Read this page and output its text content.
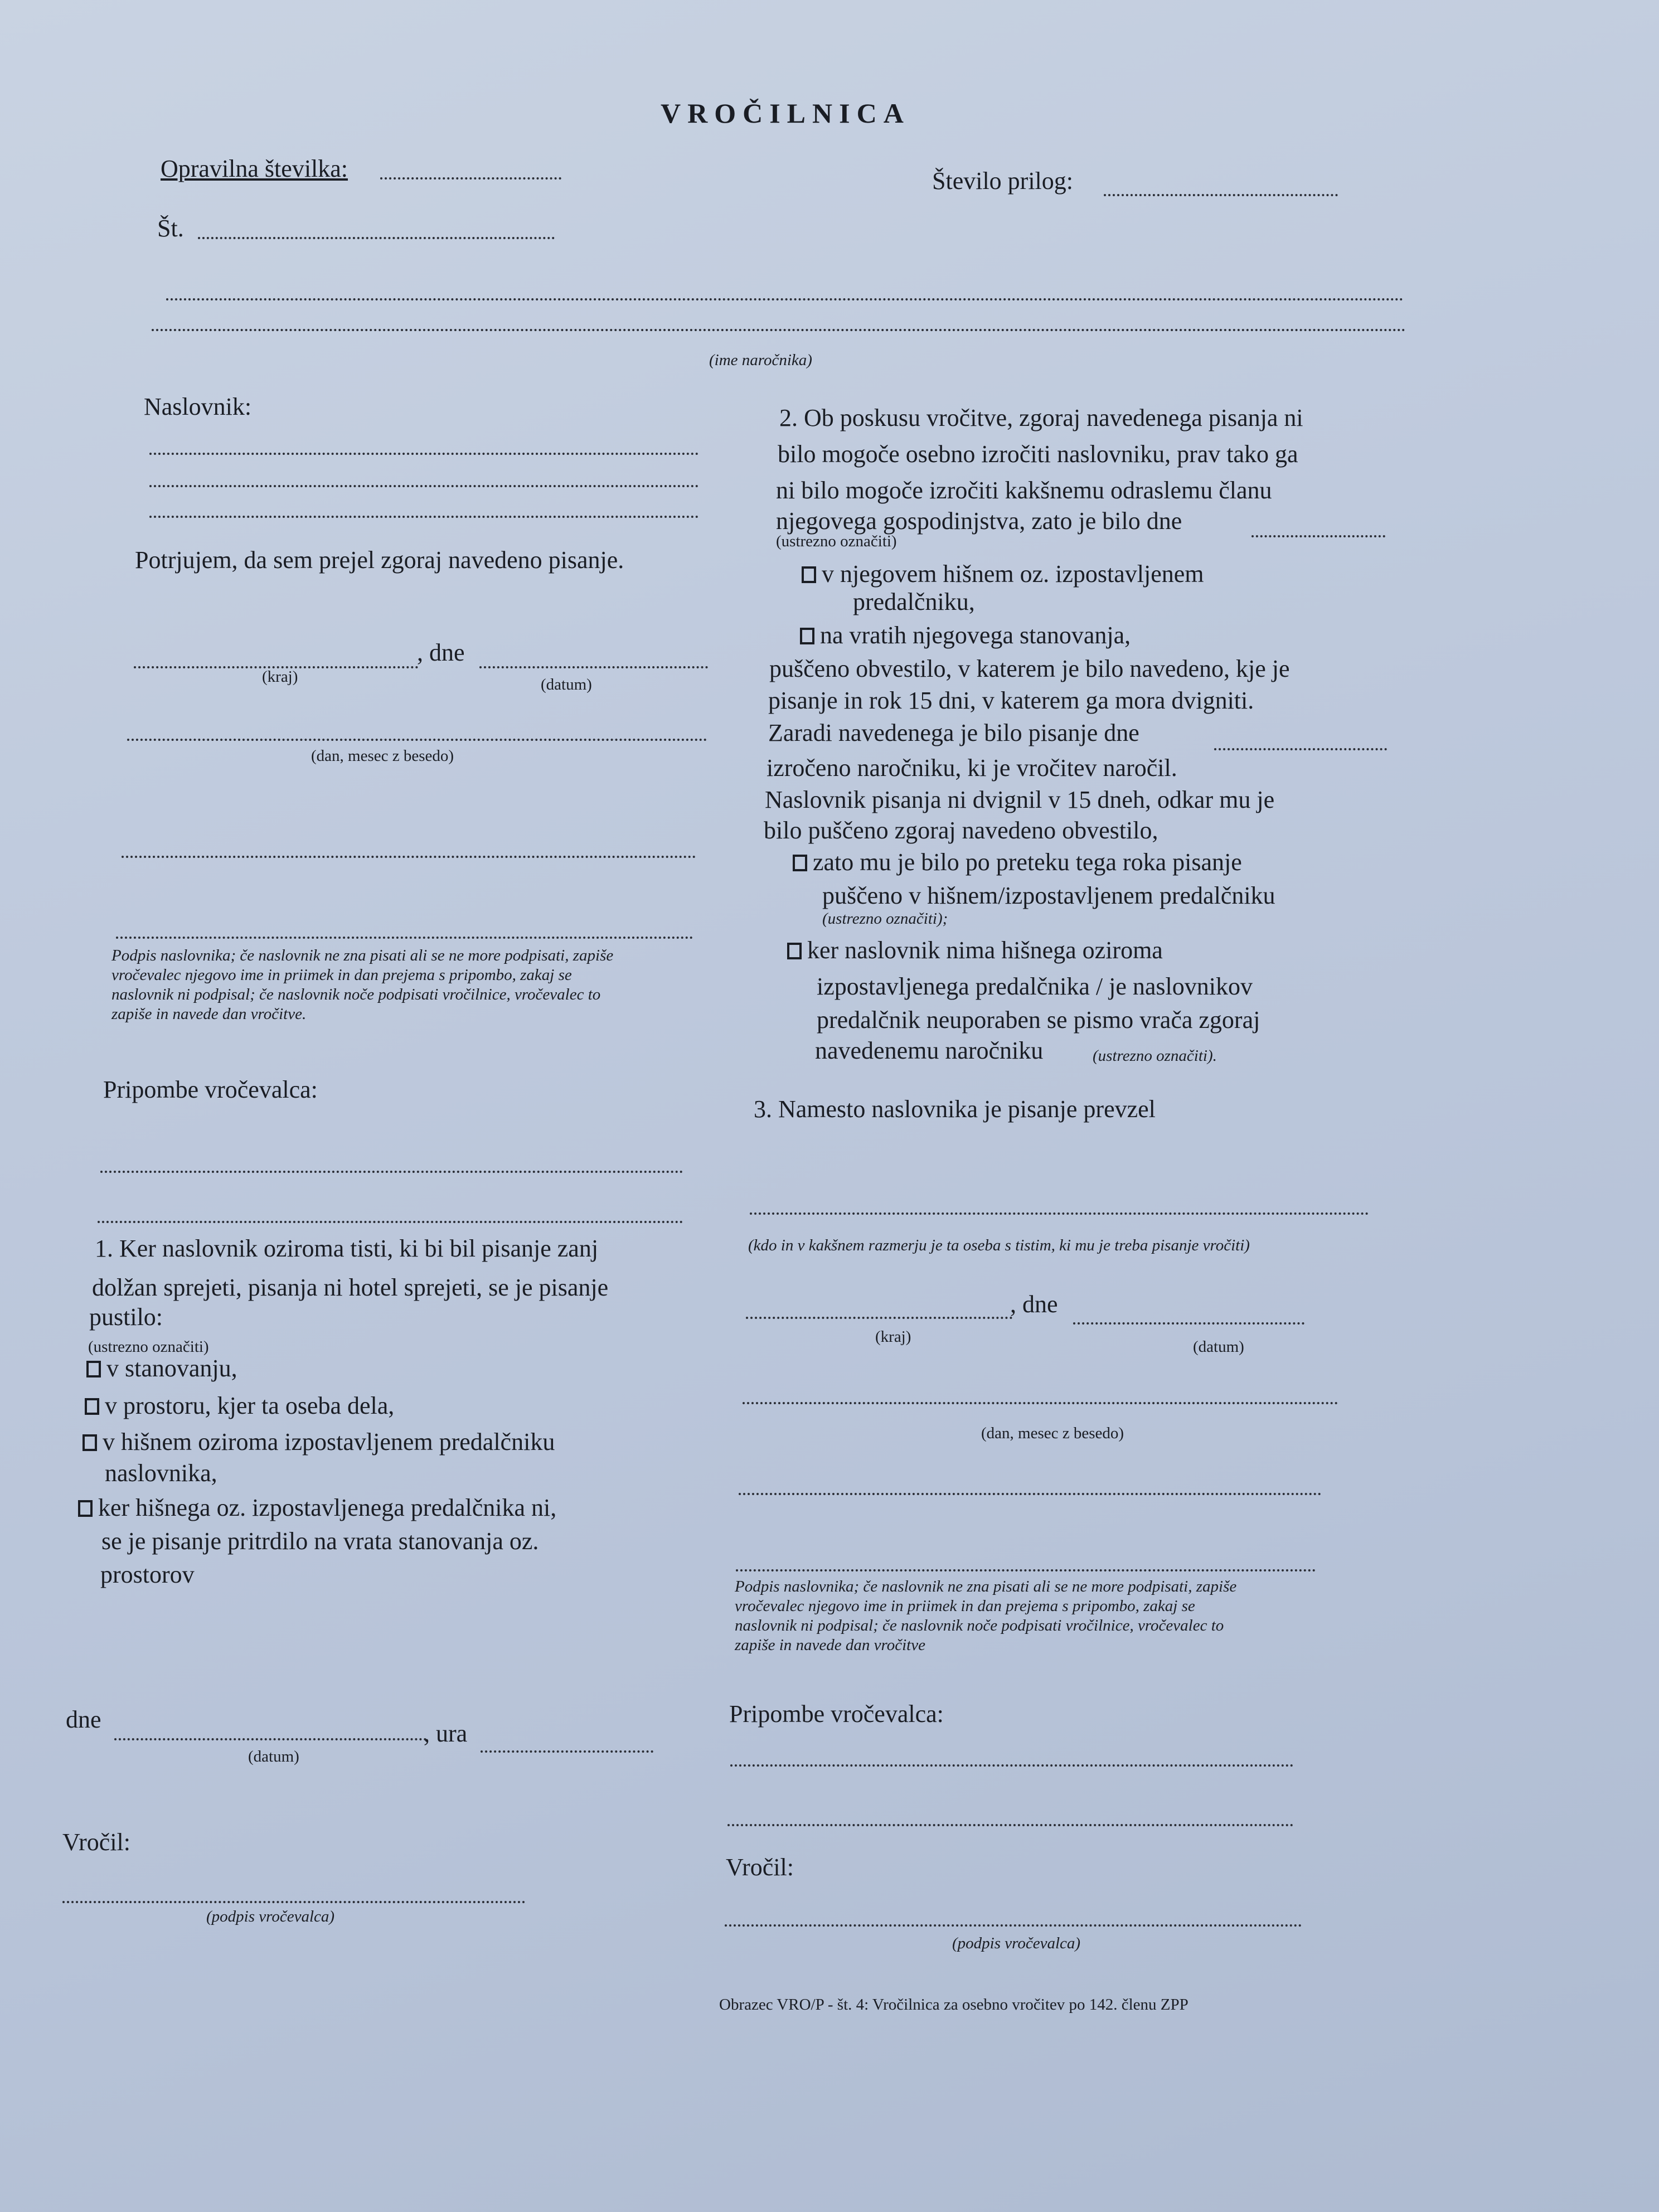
VROČILNICA
Opravilna številka:	Število prilog:
Št.
(ime naročnika)
Naslovnik:
Potrjujem, da sem prejel zgoraj navedeno pisanje.
, dne
(kraj)	(datum)
(dan, mesec z besedo)
Podpis naslovnika; če naslovnik ne zna pisati ali se ne more podpisati, zapiše
vročevalec njegovo ime in priimek in dan prejema s pripombo, zakaj se
naslovnik ni podpisal; če naslovnik noče podpisati vročilnice, vročevalec to
zapiše in navede dan vročitve.
Pripombe vročevalca:
1. Ker naslovnik oziroma tisti, ki bi bil pisanje zanj
dolžan sprejeti, pisanja ni hotel sprejeti, se je pisanje
pustilo:
(ustrezno označiti)
v stanovanju,
v prostoru, kjer ta oseba dela,
v hišnem oziroma izpostavljenem predalčniku
naslovnika,
ker hišnega oz. izpostavljenega predalčnika ni,
se je pisanje pritrdilo na vrata stanovanja oz.
prostorov
dne
, ura
(datum)
Vročil:
(podpis vročevalca)
2. Ob poskusu vročitve, zgoraj navedenega pisanja ni
bilo mogoče osebno izročiti naslovniku, prav tako ga
ni bilo mogoče izročiti kakšnemu odraslemu članu
njegovega gospodinjstva, zato je bilo dne
(ustrezno označiti)
v njegovem hišnem oz. izpostavljenem
predalčniku,
na vratih njegovega stanovanja,
puščeno obvestilo, v katerem je bilo navedeno, kje je
pisanje in rok 15 dni, v katerem ga mora dvigniti.
Zaradi navedenega je bilo pisanje dne
izročeno naročniku, ki je vročitev naročil.
Naslovnik pisanja ni dvignil v 15 dneh, odkar mu je
bilo puščeno zgoraj navedeno obvestilo,
zato mu je bilo po preteku tega roka pisanje
puščeno v hišnem/izpostavljenem predalčniku
(ustrezno označiti);
ker naslovnik nima hišnega oziroma
izpostavljenega predalčnika / je naslovnikov
predalčnik neuporaben se pismo vrača zgoraj
navedenemu naročniku	(ustrezno označiti).
3. Namesto naslovnika je pisanje prevzel
(kdo in v kakšnem razmerju je ta oseba s tistim, ki mu je treba pisanje vročiti)
, dne
(kraj)
(datum)
(dan, mesec z besedo)
Podpis naslovnika; če naslovnik ne zna pisati ali se ne more podpisati, zapiše
vročevalec njegovo ime in priimek in dan prejema s pripombo, zakaj se
naslovnik ni podpisal; če naslovnik noče podpisati vročilnice, vročevalec to
zapiše in navede dan vročitve
Pripombe vročevalca:
Vročil:
(podpis vročevalca)
Obrazec VRO/P - št. 4: Vročilnica za osebno vročitev po 142. členu ZPP
